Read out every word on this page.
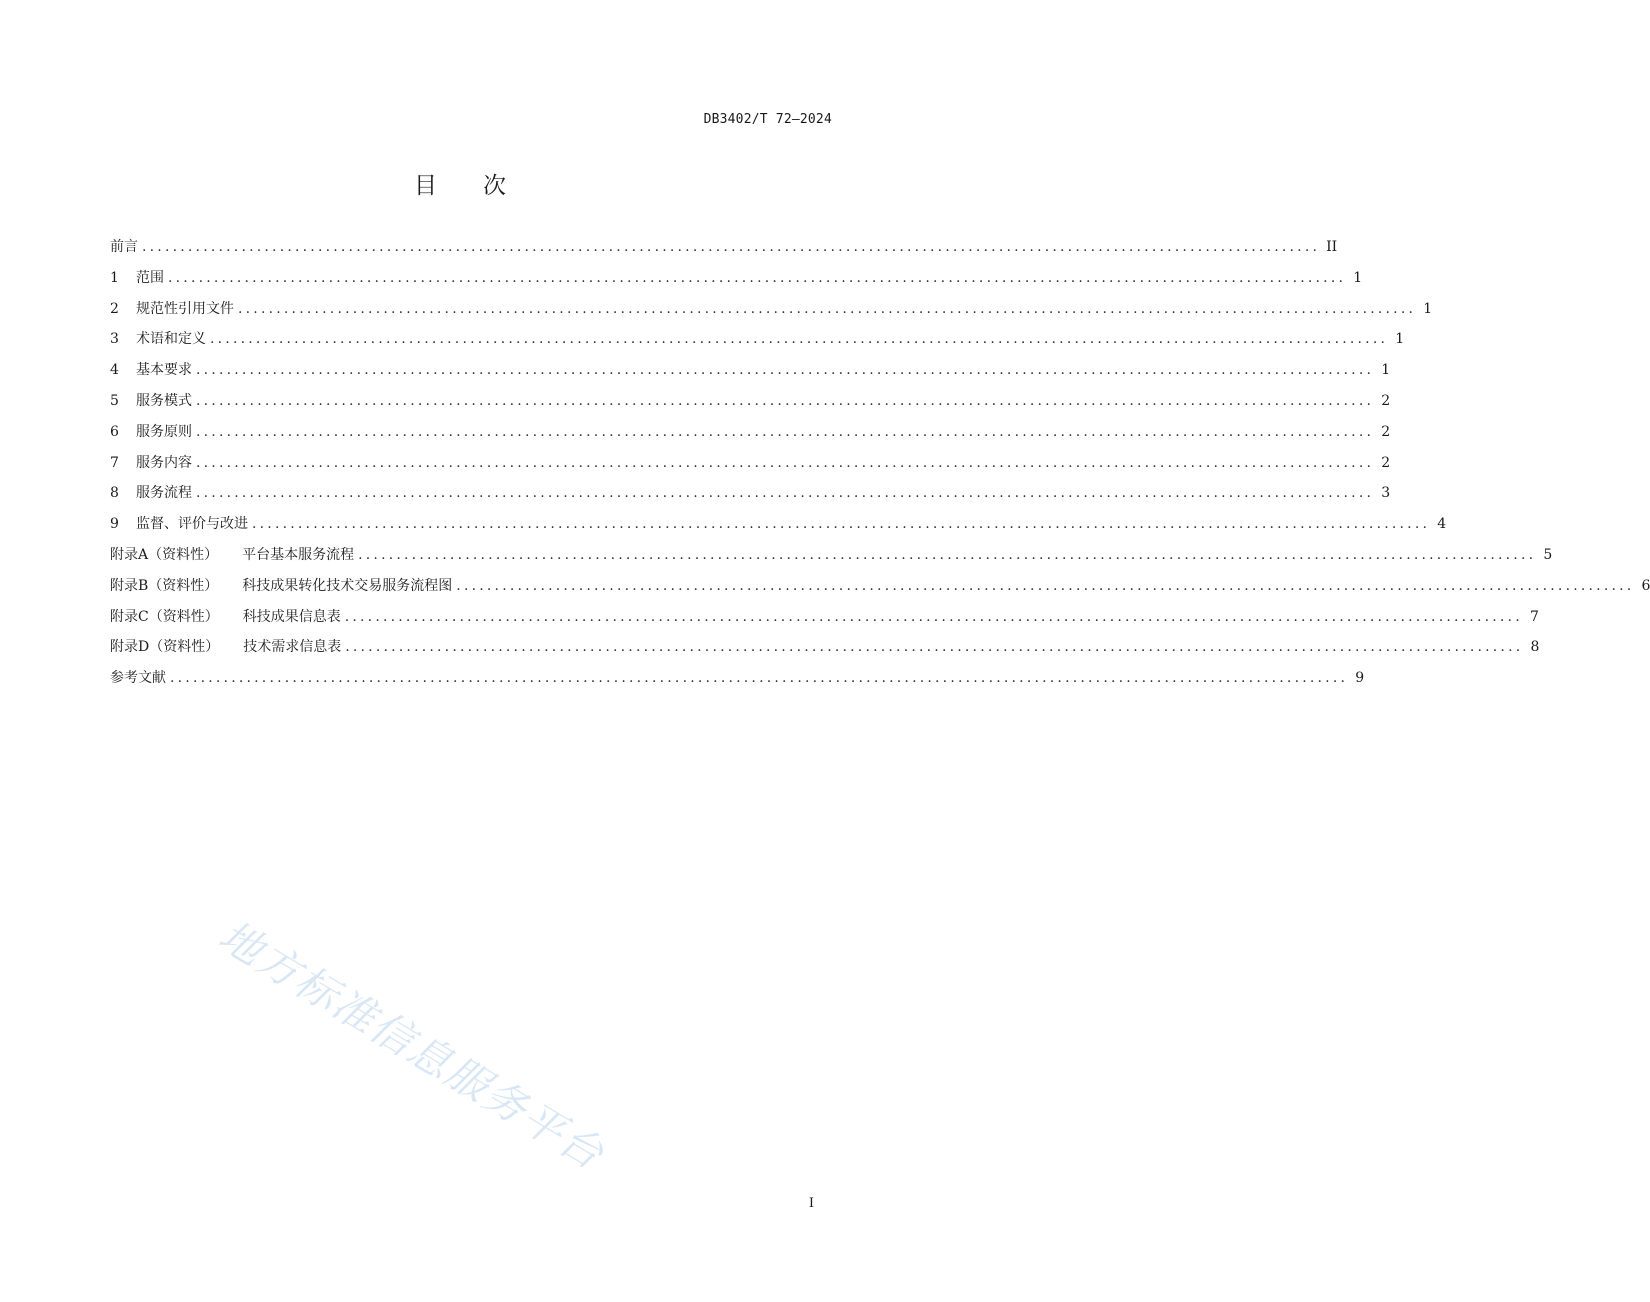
DB3402/T 72—2024
目 次
前言 .......................................................................................................................................................... II
1	范围 .......................................................................................................................................................... 1
2	规范性引用文件 .......................................................................................................................................................... 1
3	术语和定义 .......................................................................................................................................................... 1
4	基本要求 .......................................................................................................................................................... 1
5	服务模式 .......................................................................................................................................................... 2
6	服务原则 .......................................................................................................................................................... 2
7	服务内容 .......................................................................................................................................................... 2
8	服务流程 .......................................................................................................................................................... 3
9	监督、评价与改进 .......................................................................................................................................................... 4
附录A（资料性） 平台基本服务流程 .......................................................................................................................................................... 5
附录B（资料性） 科技成果转化技术交易服务流程图 .......................................................................................................................................................... 6
附录C（资料性） 科技成果信息表 .......................................................................................................................................................... 7
附录D（资料性） 技术需求信息表 .......................................................................................................................................................... 8
参考文献 .......................................................................................................................................................... 9
地方标准信息服务平台
I
